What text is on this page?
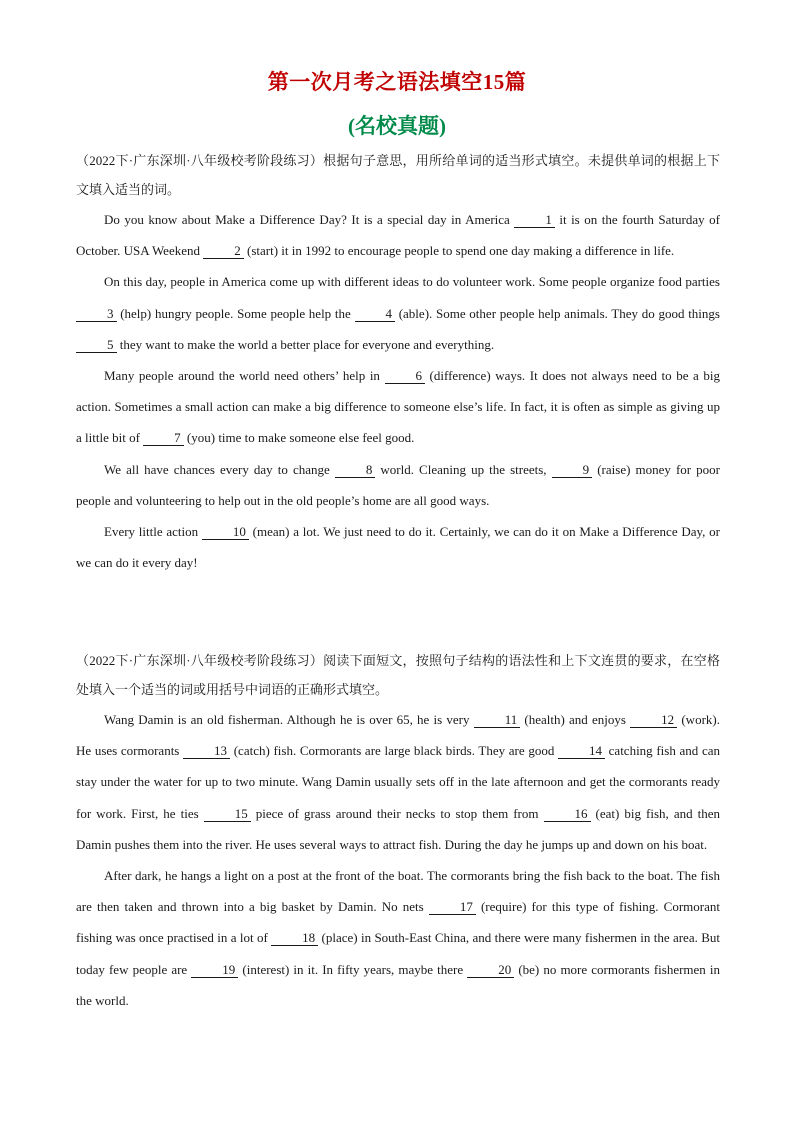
第一次月考之语法填空15篇
(名校真题)

（2022下·广东深圳·八年级校考阶段练习）根据句子意思，用所给单词的适当形式填空。未提供单词的根据上下文填入适当的词。

Do you know about Make a Difference Day? It is a special day in America 1 it is on the fourth Saturday of October. USA Weekend 2 (start) it in 1992 to encourage people to spend one day making a difference in life.

On this day, people in America come up with different ideas to do volunteer work. Some people organize food parties 3 (help) hungry people. Some people help the 4 (able). Some other people help animals. They do good things 5 they want to make the world a better place for everyone and everything.

Many people around the world need others’ help in 6 (difference) ways. It does not always need to be a big action. Sometimes a small action can make a big difference to someone else’s life. In fact, it is often as simple as giving up a little bit of 7 (you) time to make someone else feel good.

We all have chances every day to change 8 world. Cleaning up the streets, 9 (raise) money for poor people and volunteering to help out in the old people’s home are all good ways.

Every little action 10 (mean) a lot. We just need to do it. Certainly, we can do it on Make a Difference Day, or we can do it every day!

（2022下·广东深圳·八年级校考阶段练习）阅读下面短文，按照句子结构的语法性和上下文连贯的要求，在空格处填入一个适当的词或用括号中词语的正确形式填空。

Wang Damin is an old fisherman. Although he is over 65, he is very 11 (health) and enjoys 12 (work). He uses cormorants 13 (catch) fish. Cormorants are large black birds. They are good 14 catching fish and can stay under the water for up to two minute. Wang Damin usually sets off in the late afternoon and get the cormorants ready for work. First, he ties 15 piece of grass around their necks to stop them from 16 (eat) big fish, and then Damin pushes them into the river. He uses several ways to attract fish. During the day he jumps up and down on his boat.

After dark, he hangs a light on a post at the front of the boat. The cormorants bring the fish back to the boat. The fish are then taken and thrown into a big basket by Damin. No nets 17 (require) for this type of fishing. Cormorant fishing was once practised in a lot of 18 (place) in South-East China, and there were many fishermen in the area. But today few people are 19 (interest) in it. In fifty years, maybe there 20 (be) no more cormorants fishermen in the world.
